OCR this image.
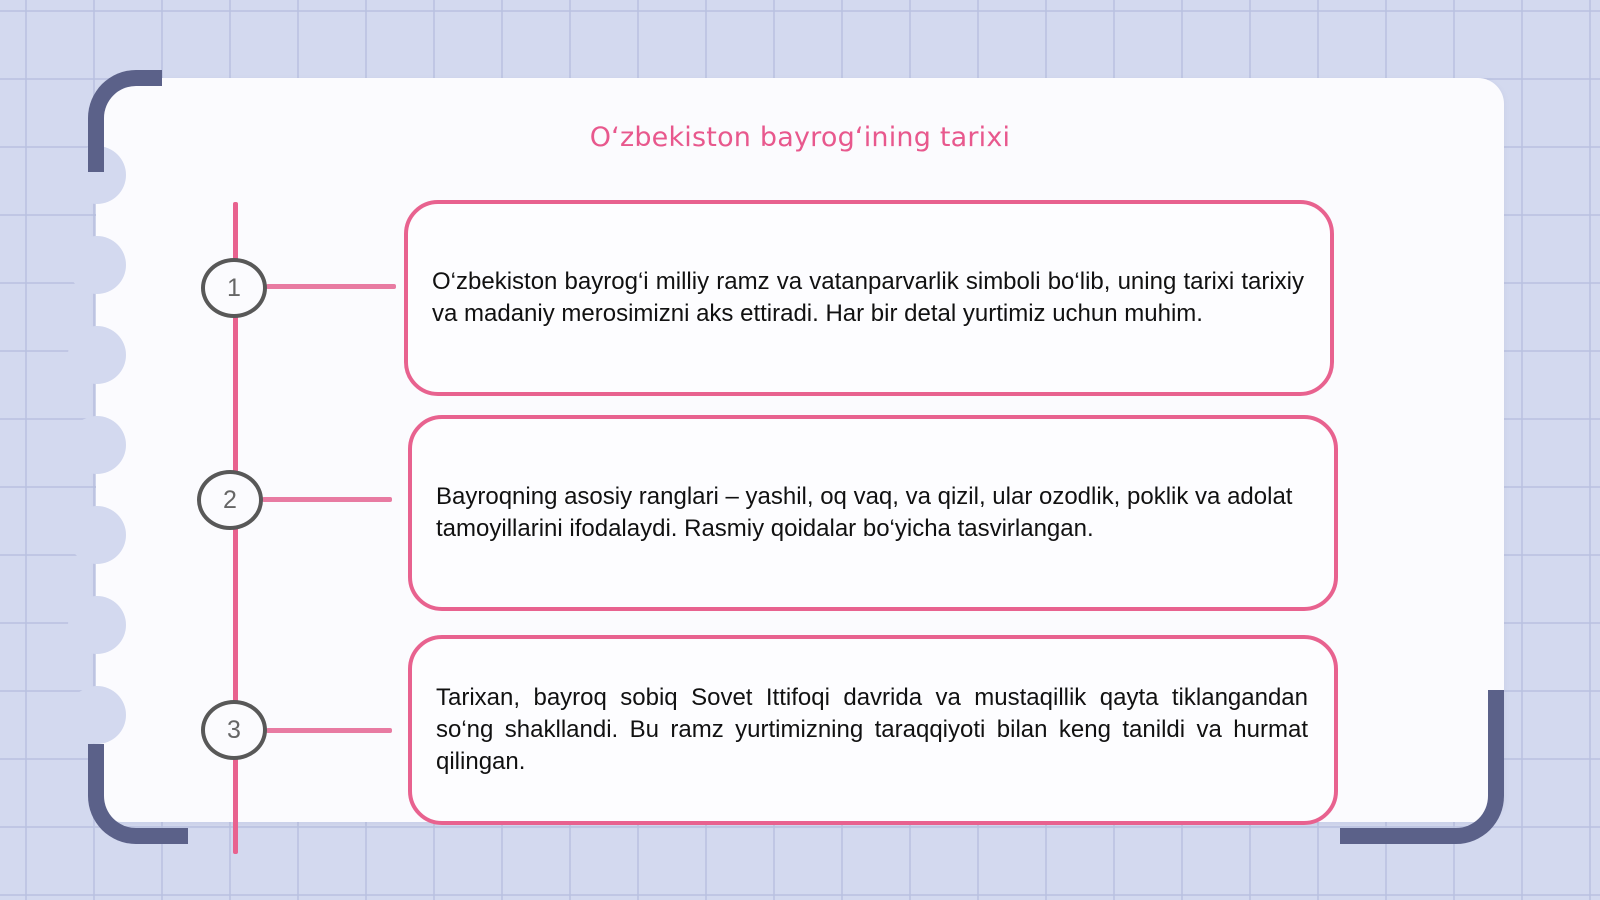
O‘zbekiston bayrog‘ining tarixi
1
2
3
O‘zbekiston bayrog‘i milliy ramz va vatanparvarlik simboli bo‘lib, uning tarixi tarixiy va madaniy merosimizni aks ettiradi. Har bir detal yurtimiz uchun muhim.
Bayroqning asosiy ranglari – yashil, oq vaq, va qizil, ular ozodlik, poklik va adolat tamoyillarini ifodalaydi. Rasmiy qoidalar bo‘yicha tasvirlangan.
Tarixan, bayroq sobiq Sovet Ittifoqi davrida va mustaqillik qayta tiklangandan so‘ng shakllandi. Bu ramz yurtimizning taraqqiyoti bilan keng tanildi va hurmat qilingan.
